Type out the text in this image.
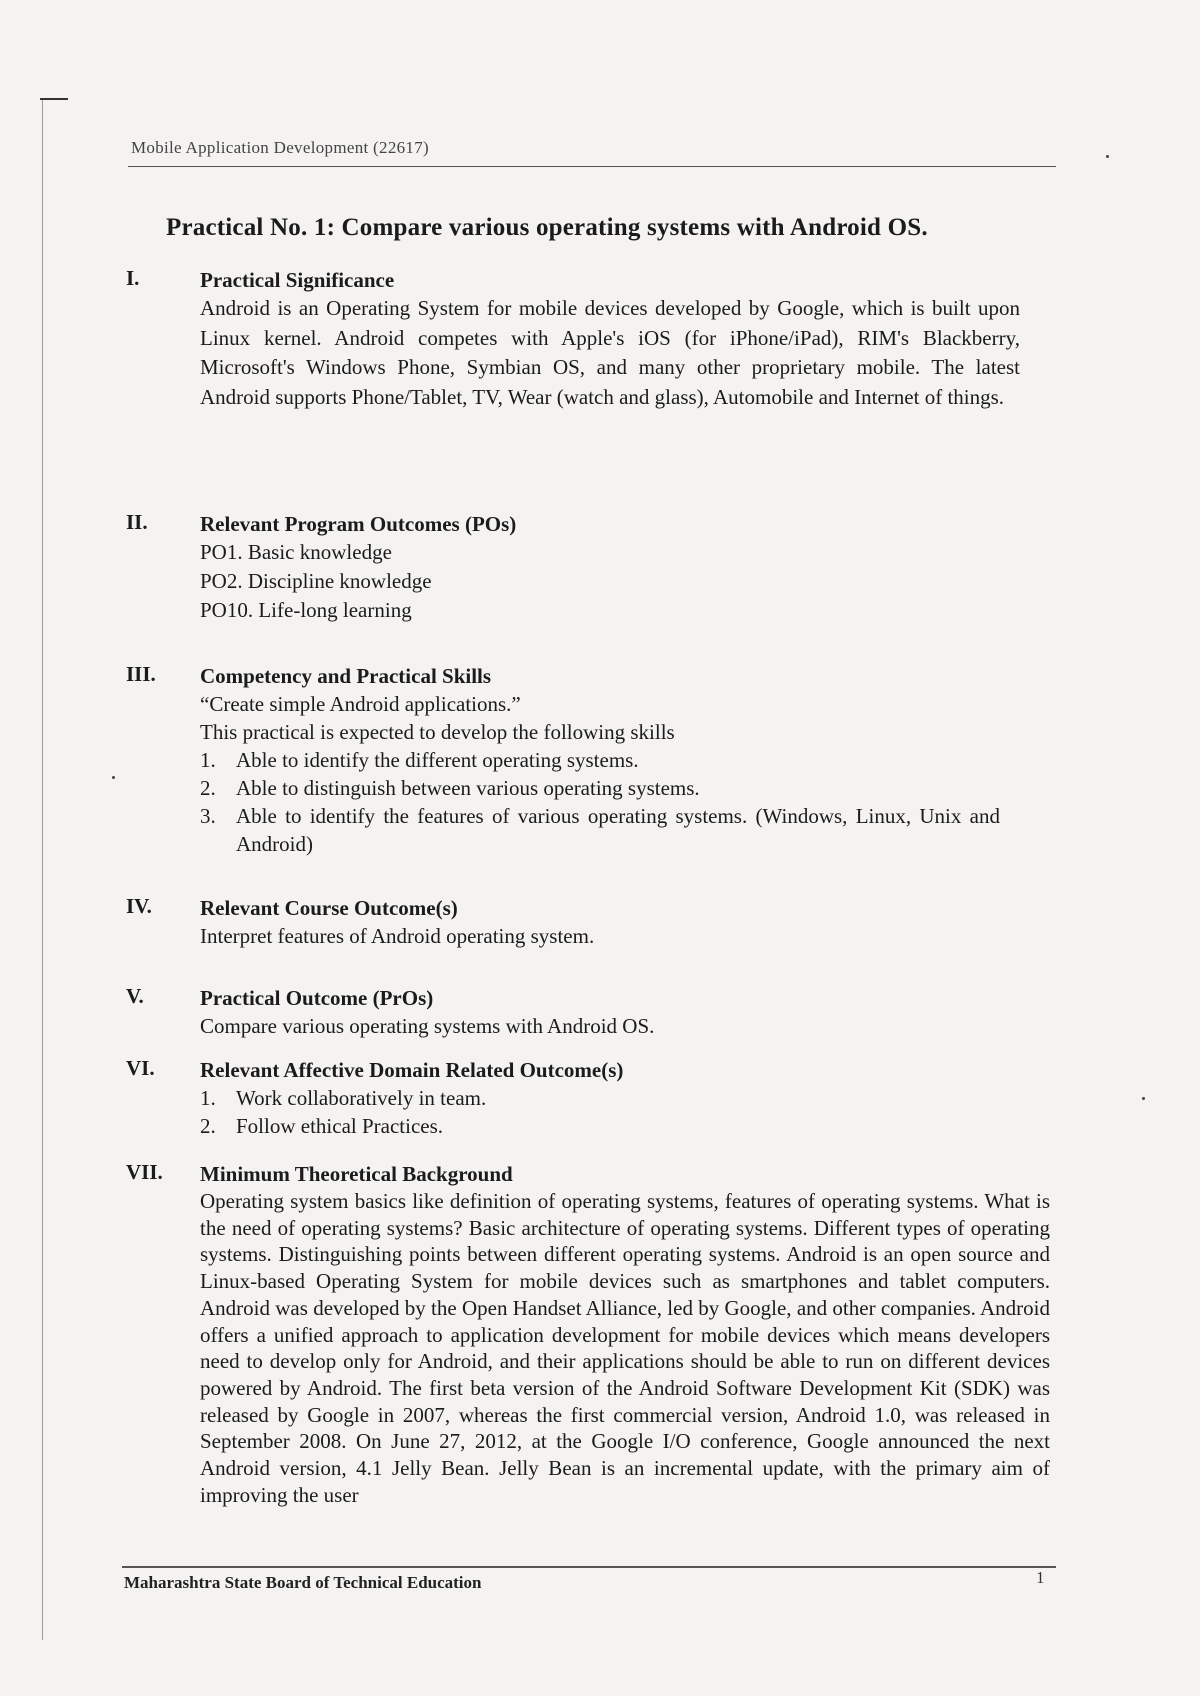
Mobile Application Development (22617)
Practical No. 1: Compare various operating systems with Android OS.
I.	Practical Significance
Android is an Operating System for mobile devices developed by Google, which is built upon Linux kernel. Android competes with Apple's iOS (for iPhone/iPad), RIM's Blackberry, Microsoft's Windows Phone, Symbian OS, and many other proprietary mobile. The latest Android supports Phone/Tablet, TV, Wear (watch and glass), Automobile and Internet of things.
II.	Relevant Program Outcomes (POs)
PO1. Basic knowledge
PO2. Discipline knowledge
PO10. Life-long learning
III.	Competency and Practical Skills
“Create simple Android applications.”
This practical is expected to develop the following skills
1. Able to identify the different operating systems.
2. Able to distinguish between various operating systems.
3. Able to identify the features of various operating systems. (Windows, Linux, Unix and Android)
IV.	Relevant Course Outcome(s)
Interpret features of Android operating system.
V.	Practical Outcome (PrOs)
Compare various operating systems with Android OS.
VI.	Relevant Affective Domain Related Outcome(s)
1. Work collaboratively in team.
2. Follow ethical Practices.
VII.	Minimum Theoretical Background
Operating system basics like definition of operating systems, features of operating systems. What is the need of operating systems? Basic architecture of operating systems. Different types of operating systems. Distinguishing points between different operating systems. Android is an open source and Linux-based Operating System for mobile devices such as smartphones and tablet computers. Android was developed by the Open Handset Alliance, led by Google, and other companies. Android offers a unified approach to application development for mobile devices which means developers need to develop only for Android, and their applications should be able to run on different devices powered by Android. The first beta version of the Android Software Development Kit (SDK) was released by Google in 2007, whereas the first commercial version, Android 1.0, was released in September 2008. On June 27, 2012, at the Google I/O conference, Google announced the next Android version, 4.1 Jelly Bean. Jelly Bean is an incremental update, with the primary aim of improving the user
Maharashtra State Board of Technical Education	1
